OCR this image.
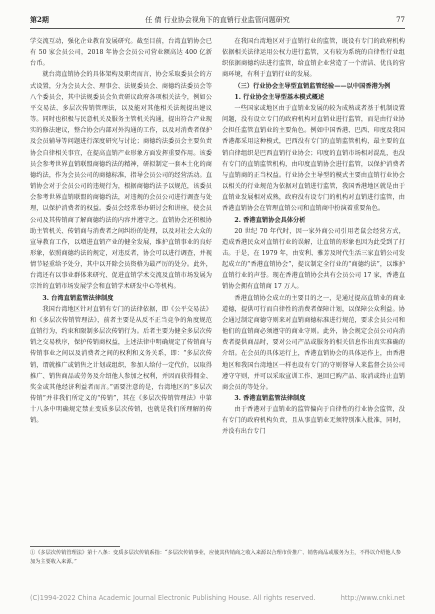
第2期	任 倩 行业协会视角下的直销行业监管问题研究	77

学交流互动，强化企业教育发展研究。截至目前，台湾直销协会已有 50 家会员公司，2018 年协会会员公司营业额高达 400 亿新台币。

就台湾直销协会的具体架构及职责而言，协会采取委员会的方式设置，分为会员大会、理事会、法规委员会、商德约法委员会等八个委员会，其中法规委员会负责研议政府各项相关法令，例如公平交易法、多层次传销管理法，以及能对其他相关法规提出建议等。同时也积极与民意机关及服务主管机关沟通，提出符合产业现实的修法建议，整合协会内部对外沟通的工作，以及对消费者保护及会员辅导等问题进行深度研究与讨论；商德约法委员会主要负责协会自律相关事宜，在提高直销产业形象方面发挥重要作用。该委员会参考世界直销联盟商德约法的精神，研拟制定一套本土化的商德约法，作为会员公司的商德标准，指导会员公司的经营活动。直销协会对于会员公司的违规行为，根据商德约法予以规范，该委员会参考世界直销联盟的商德约法，对违规的会员公司进行调查与处理，以保护消费者的权益。委员会经常举办研讨会和讲座，使会员公司及其传销商了解商德约法的内容并遵守之。直销协会还积极协助主管机关、传销商与消费者之间纠纷的处理，以及对社会大众的宣导教育工作，以增进直销产业的健全发展，维护直销事业的良好形象，依照商德约法的规定，对违反者，协会可以进行调查，并视情节轻重给予处分，其中以开除会员资格为最严厉的处分。此外，台湾还有以事业群体来研究、促进直销学术交流及直销市场发展为宗旨的直销市场发展学会和直销学术研发中心等机构。

3. 台湾直销监管法律制度

我国台湾地区针对直销有专门的法律依据，即《公平交易法》和《多层次传销管理法》，前者主要是从反不正当竞争的角度规范直销行为，约束和限制多层次传销行为。后者主要为健全多层次传销之交易秩序，保护传销商权益，上述法律中明确规定了传销商与传销事业之间以及消费者之间的权利和义务关系，即：“多层次传销，谓就推广或销售之计划或组织，参加人给付一定代价，以取得推广、销售商品或劳务及介绍他人参加之权利，并因而获得佣金、奖金或其他经济利益者而言。”需要注意的是，台湾地区的“多层次传销”并非我们所定义的“传销”，其在《多层次传销管理法》中第十八条中明确规定禁止变质多层次传销，也就是我们所理解的传销。

在我国台湾地区对于直销行业的监管，既设有专门的政府机构依据相关法律运用公权力进行监管，又有较为系统的自律性行业组织依据商德约法进行监管，给直销企业营造了一个清洁、优良的营商环境，有利于直销行业的发展。

（三）行业协会主导型直销监管经验——以中国香港为例

1. 行业协会主导型基本模式概述

一些国家或地区由于直销业发展的较为成熟或者基于机制设置问题，没有设立专门的政府机构对直销业进行监管，而是由行业协会担任监管直销业的主要角色。例如中国香港、巴西、印度及我国香港都采用这种模式，巴西没有专门的直销监管机构，最主要的直销自律组织是巴西直销行业协会；印度的直销市场相对混乱，也没有专门的直销监管机构，由印度直销协会进行监管，以保护消费者与直销商的正当权益。行业协会主导型的模式主要由直销行业协会以相关的行业规范为依据对直销进行监管，我国香港地区就是由于直销业发展相对成熟，政府没有设专门的机构对直销进行监管，由香港直销协会在管理直销公司和直销商中扮演着重要角色。

2. 香港直销协会具体分析

20 世纪 70 年代时，因一家外商公司引用老鼠会经营方式，造成香港民众对直销行业的误解，让直销的形象也因为此受到了打击。于是，在 1979 年，由安利、雅芳及时代生活三家直销公司发起成立的“香港直销协会”，提议制定全行业的“商德约法”，以维护直销行业的声誉。现在香港直销协会共有会员公司 17 家，香港直销协会拥有直销商 17 万人。

香港直销协会成立的主要目的之一，是通过提高直销业的商业道德，提供可行而自律性的消费者保障计划，以保障公众利益。协会通过制定商德守则来对直销商德标准进行规范，要求会员公司和他们的直销商必须遵守的商业守则。此外，协会规定会员公司向消费者提供商品时，要对公司产品或服务的相关信息作出真实准确的介绍。在会员的具体运行上，香港直销协会的具体运作上，由香港地区和我国台湾地区一样也设有专门的守则督导人来监督会员公司遵守守则，并可以采取宣训工作、退回已购产品、取消或终止直销商会员的等处分。

3. 香港直销监管法律制度

由于香港对于直销业的监管偏向于自律性的行业协会监管，没有专门的政府机构负责，且从事直销业无须特别准入批准，同时，并没有出台专门

①《多层次传销管理法》第十八条：变质多层次传销系指：“多层次传销事业，应使其传销商之收入来源以合理市价推广、销售商品或服务为主，不得以介绍他人参加为主要收入来源。”
(C)1994-2022 China Academic Journal Electronic Publishing House. All rights reserved.	http://www.cnki.net
